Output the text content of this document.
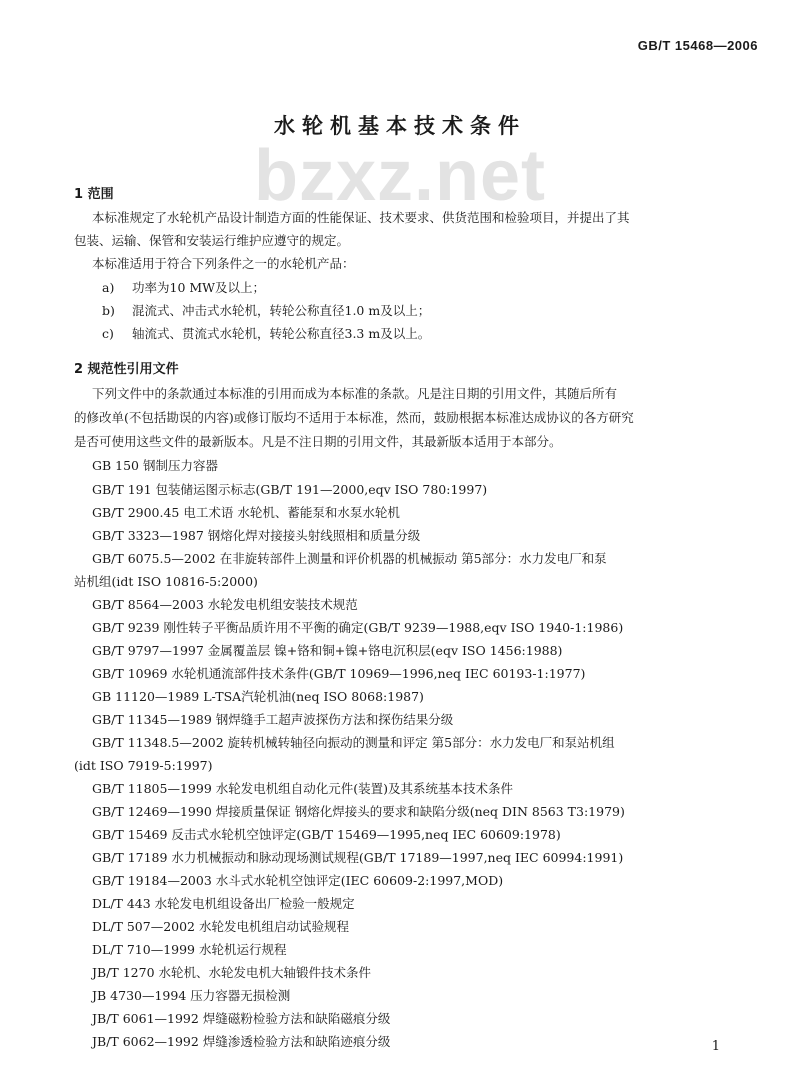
GB/T 15468—2006
bzxz.net
水轮机基本技术条件
1 范围
本标准规定了水轮机产品设计制造方面的性能保证、技术要求、供货范围和检验项目，并提出了其
包装、运输、保管和安装运行维护应遵守的规定。
本标准适用于符合下列条件之一的水轮机产品：
a) 功率为10 MW及以上；
b) 混流式、冲击式水轮机，转轮公称直径1.0 m及以上；
c) 轴流式、贯流式水轮机，转轮公称直径3.3 m及以上。
2 规范性引用文件
下列文件中的条款通过本标准的引用而成为本标准的条款。凡是注日期的引用文件，其随后所有
的修改单(不包括勘误的内容)或修订版均不适用于本标准，然而，鼓励根据本标准达成协议的各方研究
是否可使用这些文件的最新版本。凡是不注日期的引用文件，其最新版本适用于本部分。
GB 150 钢制压力容器
GB/T 191 包装储运图示标志(GB/T 191—2000,eqv ISO 780:1997)
GB/T 2900.45 电工术语 水轮机、蓄能泵和水泵水轮机
GB/T 3323—1987 钢熔化焊对接接头射线照相和质量分级
GB/T 6075.5—2002 在非旋转部件上测量和评价机器的机械振动 第5部分：水力发电厂和泵
站机组(idt ISO 10816-5:2000)
GB/T 8564—2003 水轮发电机组安装技术规范
GB/T 9239 刚性转子平衡品质许用不平衡的确定(GB/T 9239—1988,eqv ISO 1940-1:1986)
GB/T 9797—1997 金属覆盖层 镍+铬和铜+镍+铬电沉积层(eqv ISO 1456:1988)
GB/T 10969 水轮机通流部件技术条件(GB/T 10969—1996,neq IEC 60193-1:1977)
GB 11120—1989 L-TSA汽轮机油(neq ISO 8068:1987)
GB/T 11345—1989 钢焊缝手工超声波探伤方法和探伤结果分级
GB/T 11348.5—2002 旋转机械转轴径向振动的测量和评定 第5部分：水力发电厂和泵站机组
(idt ISO 7919-5:1997)
GB/T 11805—1999 水轮发电机组自动化元件(装置)及其系统基本技术条件
GB/T 12469—1990 焊接质量保证 钢熔化焊接头的要求和缺陷分级(neq DIN 8563 T3:1979)
GB/T 15469 反击式水轮机空蚀评定(GB/T 15469—1995,neq IEC 60609:1978)
GB/T 17189 水力机械振动和脉动现场测试规程(GB/T 17189—1997,neq IEC 60994:1991)
GB/T 19184—2003 水斗式水轮机空蚀评定(IEC 60609-2:1997,MOD)
DL/T 443 水轮发电机组设备出厂检验一般规定
DL/T 507—2002 水轮发电机组启动试验规程
DL/T 710—1999 水轮机运行规程
JB/T 1270 水轮机、水轮发电机大轴锻件技术条件
JB 4730—1994 压力容器无损检测
JB/T 6061—1992 焊缝磁粉检验方法和缺陷磁痕分级
JB/T 6062—1992 焊缝渗透检验方法和缺陷迹痕分级	1
